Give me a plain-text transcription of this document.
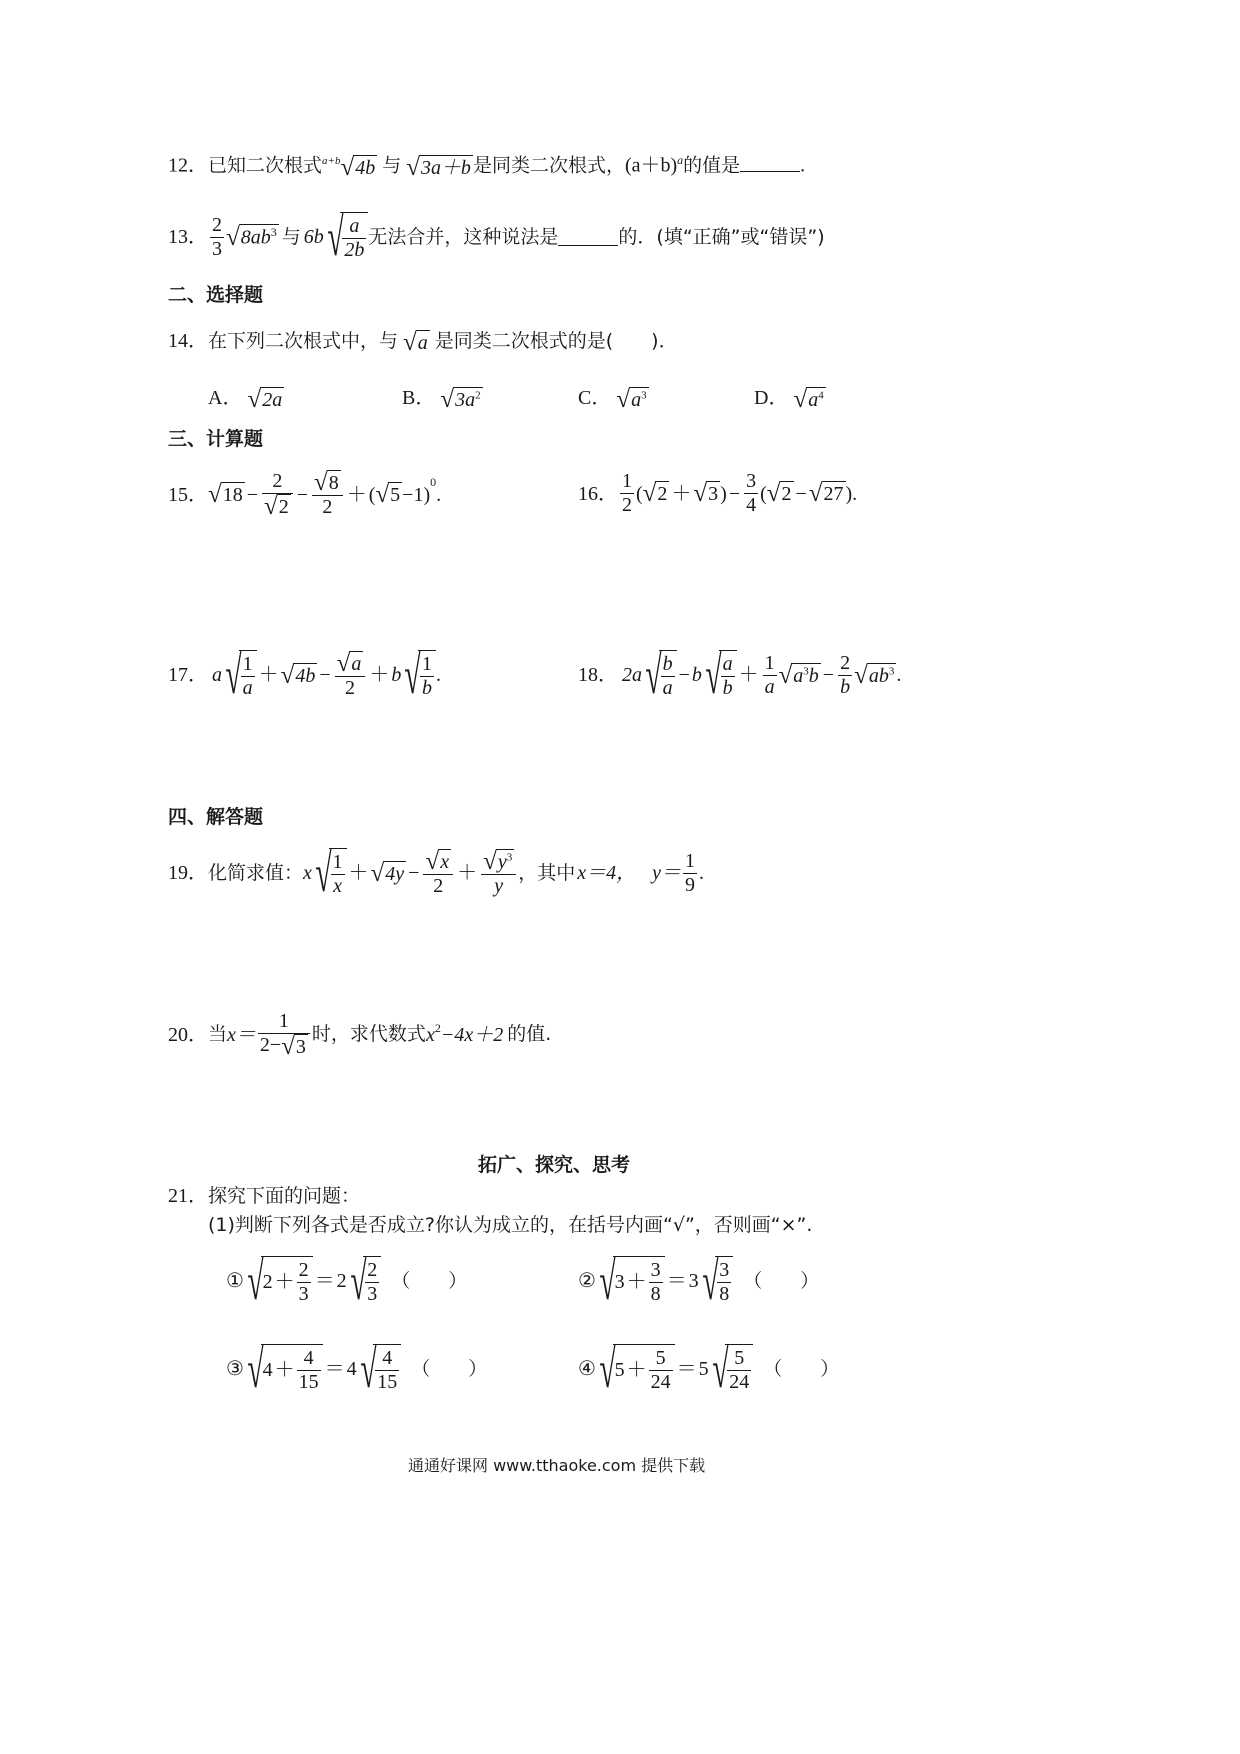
12．已知二次根式$^{a+b}$√4b 与 √3a＋b 是同类二次根式，$(a+b)^a$的值是	.
13． $\frac{2}{3} √8ab^3$ 与 6b √ $\frac{a}{2b}$ 无法合并，这种说法是	的．(填“正确”或“错误”)
二、选择题
14．在下列二次根式中，与 √a 是同类二次根式的是(　　)．
A． √2a	B． $√3a^2$	C． $√a^3$	D． $√a^4$
三、计算题
15． $√18 - \frac{2}{√2} - \frac{√8}{2}$ ＋ ( √5 −1)
$^0$
.	16． $\frac{1}{2}$ ( √2 ＋ √3 ) − $\frac{3}{4}$ ( √2 − √27 ).
17． a √ $\frac{1}{a} + √4b - \frac{√a}{2} + b$ √ $\frac{1}{b}$ .	18． 2a √ $\frac{b}{a} - b$ √ $\frac{a}{b} + \frac{1}{a} √a^3b - \frac{2}{b} √ab^3$ .
四、解答题
19． 化简求值： x √ $\frac{1}{x} + √4y - \frac{√x}{2} + \frac{√y^3}{y}$ ，其中 x＝4， $y= \frac{1}{9}$ .
20． 当 $x= \frac{1}{2-√3}$ 时，求代数式 $x^2 -4x+2$ 的值.
拓广、探究、思考
21．探究下面的问题：
(1)判断下列各式是否成立?你认为成立的，在括号内画“√”，否则画“×”.
① √ $2 + \frac{2}{3} = 2$ √ $\frac{2}{3}$ （　　）	② √ $3 + \frac{3}{8} = 3$ √ $\frac{3}{8}$ （　　）
③ √ $4 + \frac{4}{15} = 4$ √ $\frac{4}{15}$ （　　）	④ √ $5 + \frac{5}{24} = 5$ √ $\frac{5}{24}$ （　　）
通通好课网 www.tthaoke.com 提供下载
